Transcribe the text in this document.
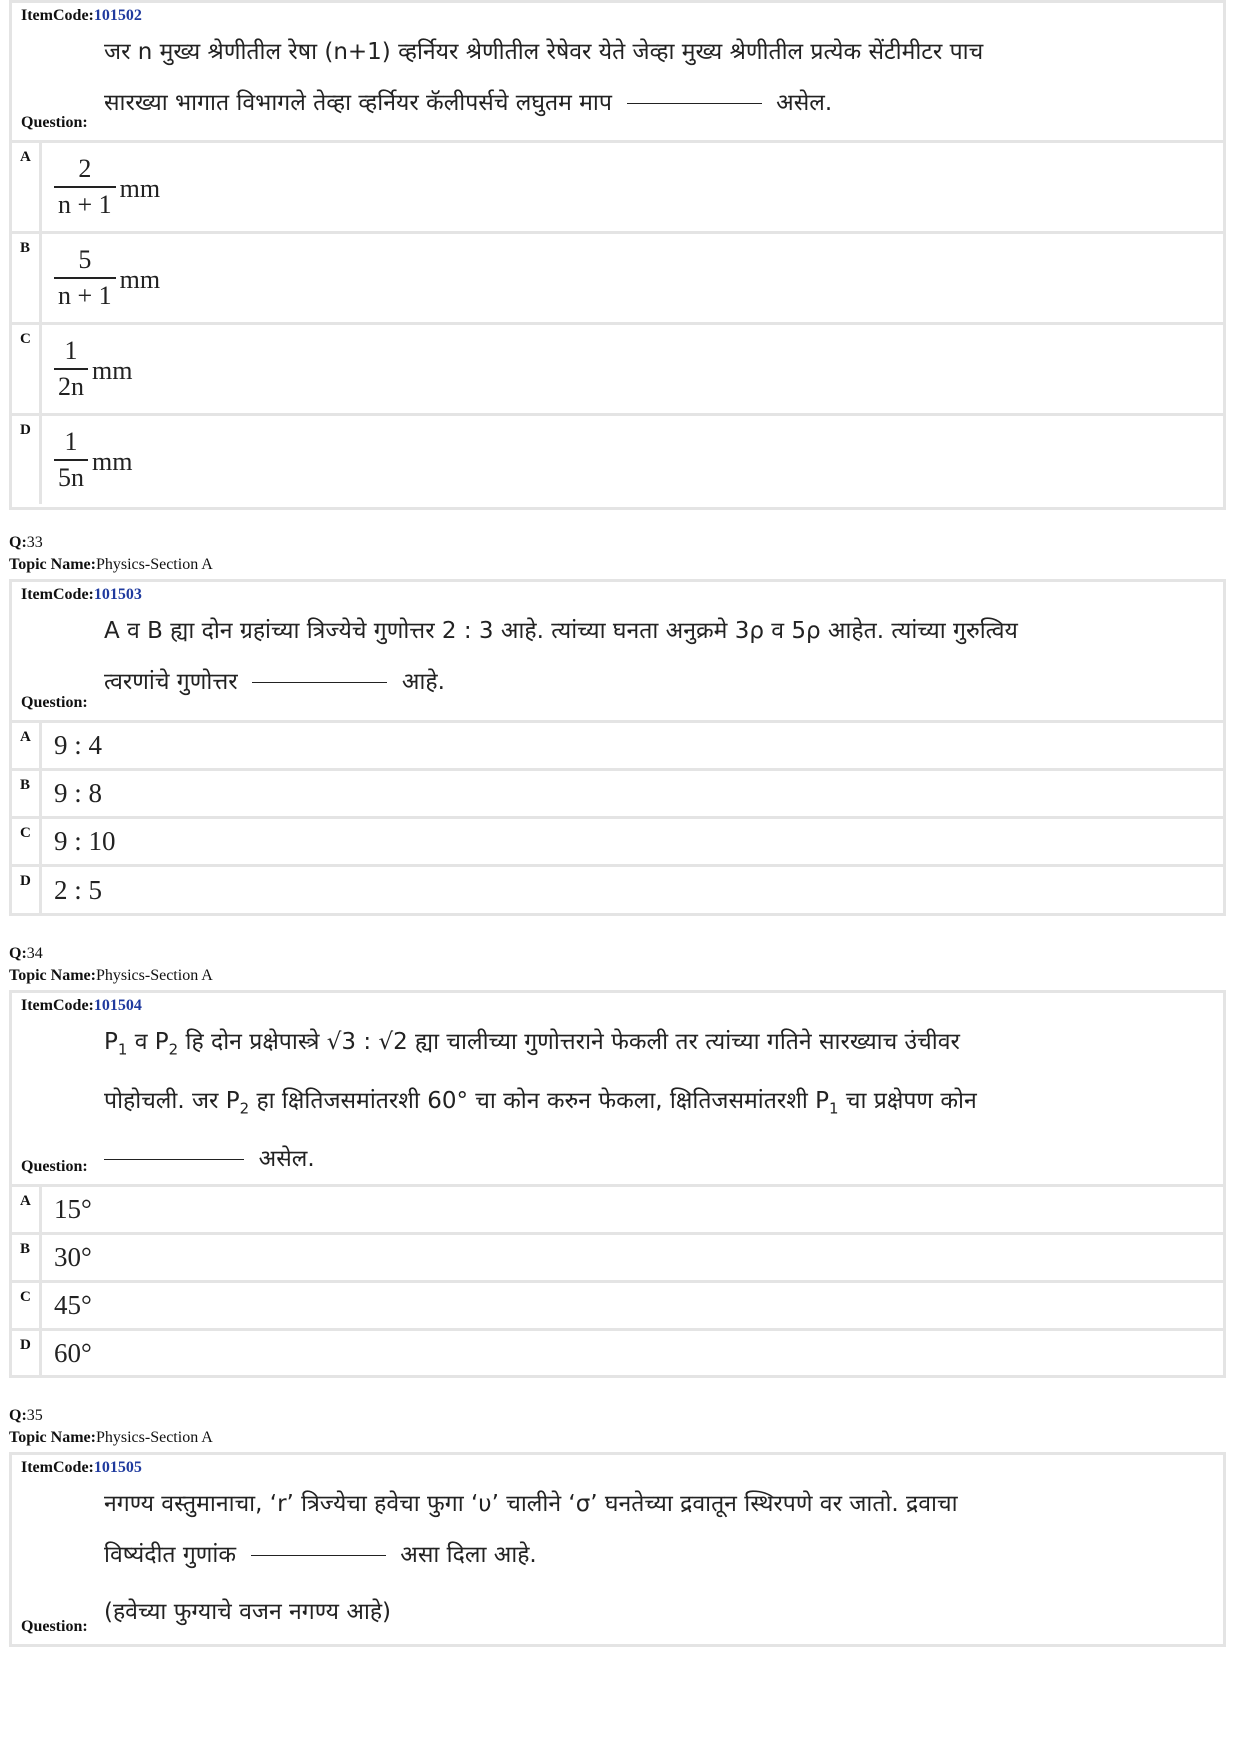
ItemCode:101502
जर n मुख्य श्रेणीतील रेषा (n+1) व्हर्नियर श्रेणीतील रेषेवर येते जेव्हा मुख्य श्रेणीतील प्रत्येक सेंटीमीटर पाच
सारख्या भागात विभागले तेव्हा व्हर्नियर कॅलीपर्सचे लघुतम माप	असेल.
Question:
A $\frac{2}{n + 1}$ mm
B $\frac{5}{n + 1}$ mm
C $\frac{1}{2n}$ mm
D $\frac{1}{5n}$ mm
Q:33
Topic Name:Physics-Section A
ItemCode:101503
A व B ह्या दोन ग्रहांच्या त्रिज्येचे गुणोत्तर 2 : 3 आहे. त्यांच्या घनता अनुक्रमे 3ρ व 5ρ आहेत. त्यांच्या गुरुत्विय
त्वरणांचे गुणोत्तर	आहे.
Question:
A 9 : 4
B 9 : 8
C 9 : 10
D 2 : 5
Q:34
Topic Name:Physics-Section A
ItemCode:101504
$P_1$ व $P_2$ हि दोन प्रक्षेपास्त्रे √3 : √2 ह्या चालीच्या गुणोत्तराने फेकली तर त्यांच्या गतिने सारख्याच उंचीवर
पोहोचली. जर $P_2$ हा क्षितिजसमांतरशी 60° चा कोन करुन फेकला, क्षितिजसमांतरशी $P_1$ चा प्रक्षेपण कोन
असेल.
Question:
A 15°
B 30°
C 45°
D 60°
Q:35
Topic Name:Physics-Section A
ItemCode:101505
नगण्य वस्तुमानाचा, ‘r’ त्रिज्येचा हवेचा फुगा ‘υ’ चालीने ‘σ’ घनतेच्या द्रवातून स्थिरपणे वर जातो. द्रवाचा
विष्यंदीत गुणांक	असा दिला आहे.
(हवेच्या फुग्याचे वजन नगण्य आहे)
Question:
